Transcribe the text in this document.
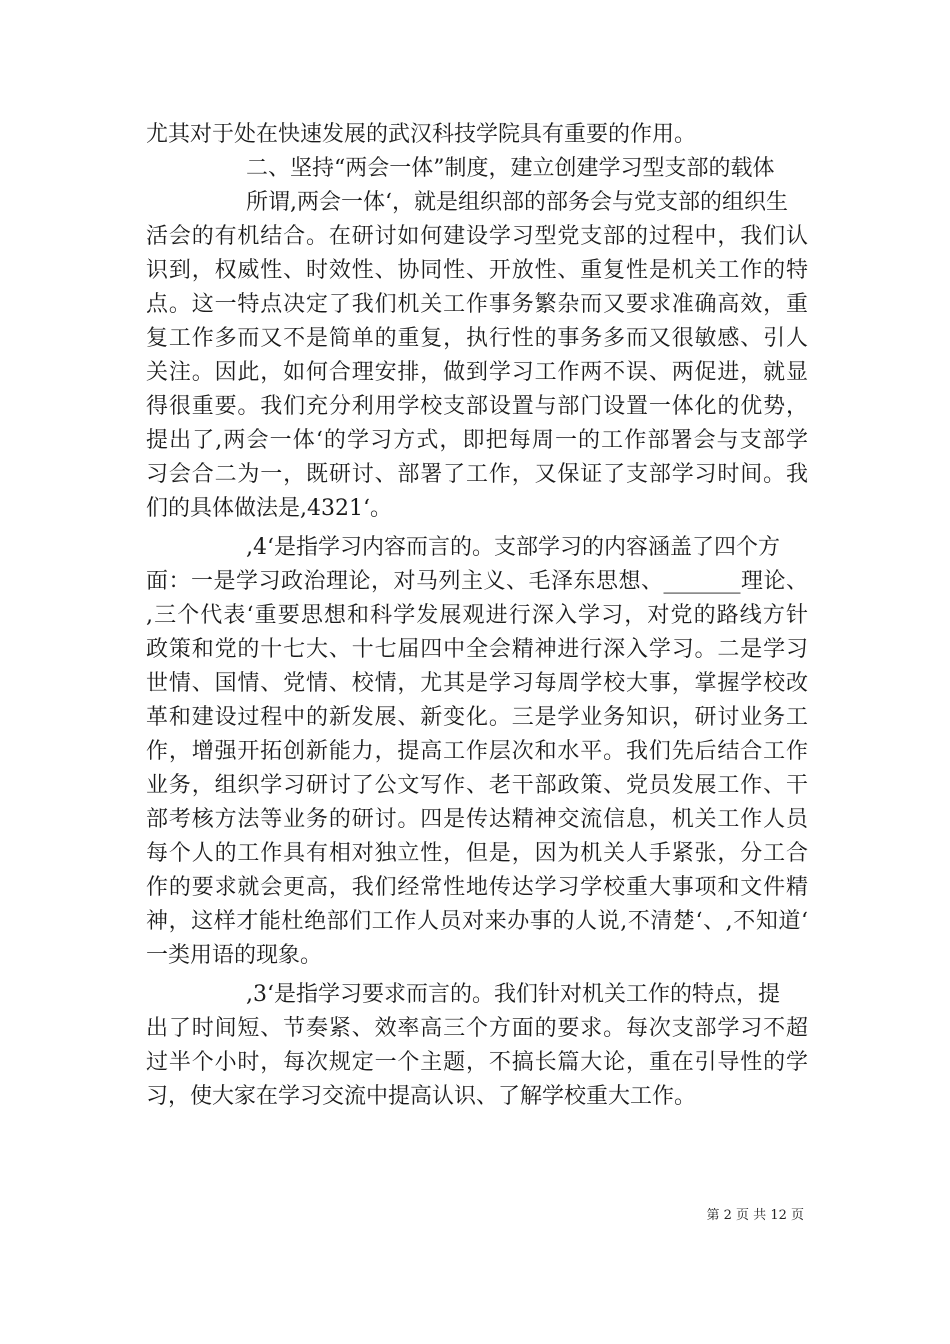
尤其对于处在快速发展的武汉科技学院具有重要的作用。

二、坚持“两会一体”制度，建立创建学习型支部的载体

所谓,两会一体‘，就是组织部的部务会与党支部的组织生

活会的有机结合。在研讨如何建设学习型党支部的过程中，我们认

识到，权威性、时效性、协同性、开放性、重复性是机关工作的特

点。这一特点决定了我们机关工作事务繁杂而又要求准确高效，重

复工作多而又不是简单的重复，执行性的事务多而又很敏感、引人

关注。因此，如何合理安排，做到学习工作两不误、两促进，就显

得很重要。我们充分利用学校支部设置与部门设置一体化的优势，

提出了,两会一体‘的学习方式，即把每周一的工作部署会与支部学

习会合二为一，既研讨、部署了工作，又保证了支部学习时间。我

们的具体做法是,4321‘。

,4‘是指学习内容而言的。支部学习的内容涵盖了四个方

面：一是学习政治理论，对马列主义、毛泽东思想、_______理论、

,三个代表‘重要思想和科学发展观进行深入学习，对党的路线方针

政策和党的十七大、十七届四中全会精神进行深入学习。二是学习

世情、国情、党情、校情，尤其是学习每周学校大事，掌握学校改

革和建设过程中的新发展、新变化。三是学业务知识，研讨业务工

作，增强开拓创新能力，提高工作层次和水平。我们先后结合工作

业务，组织学习研讨了公文写作、老干部政策、党员发展工作、干

部考核方法等业务的研讨。四是传达精神交流信息，机关工作人员

每个人的工作具有相对独立性，但是，因为机关人手紧张，分工合

作的要求就会更高，我们经常性地传达学习学校重大事项和文件精

神，这样才能杜绝部们工作人员对来办事的人说,不清楚‘、,不知道‘

一类用语的现象。

,3‘是指学习要求而言的。我们针对机关工作的特点，提

出了时间短、节奏紧、效率高三个方面的要求。每次支部学习不超

过半个小时，每次规定一个主题，不搞长篇大论，重在引导性的学

习，使大家在学习交流中提高认识、了解学校重大工作。

第 2 页 共 12 页
